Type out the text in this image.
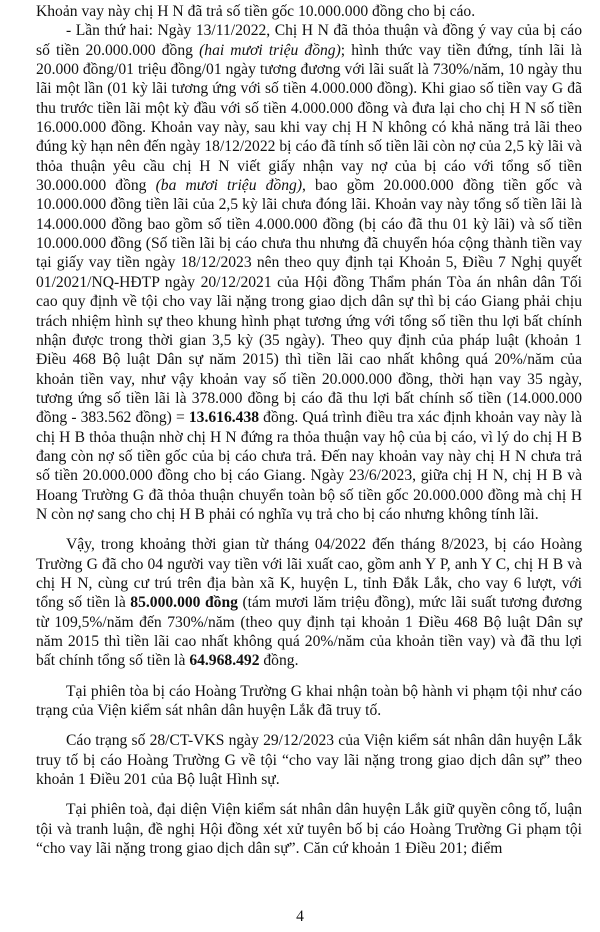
Khoản vay này chị H N đã trả số tiền gốc 10.000.000 đồng cho bị cáo.

- Lần thứ hai: Ngày 13/11/2022, Chị H N đã thỏa thuận và đồng ý vay của bị cáo số tiền 20.000.000 đồng (hai mươi triệu đồng); hình thức vay tiền đứng, tính lãi là 20.000 đồng/01 triệu đồng/01 ngày tương đương với lãi suất là 730%/năm, 10 ngày thu lãi một lần (01 kỳ lãi tương ứng với số tiền 4.000.000 đồng). Khi giao số tiền vay G đã thu trước tiền lãi một kỳ đầu với số tiền 4.000.000 đồng và đưa lại cho chị H N số tiền 16.000.000 đồng. Khoản vay này, sau khi vay chị H N không có khả năng trả lãi theo đúng kỳ hạn nên đến ngày 18/12/2022 bị cáo đã tính số tiền lãi còn nợ của 2,5 kỳ lãi và thỏa thuận yêu cầu chị H N viết giấy nhận vay nợ của bị cáo với tổng số tiền 30.000.000 đồng (ba mươi triệu đồng), bao gồm 20.000.000 đồng tiền gốc và 10.000.000 đồng tiền lãi của 2,5 kỳ lãi chưa đóng lãi. Khoản vay này tổng số tiền lãi là 14.000.000 đồng bao gồm số tiền 4.000.000 đồng (bị cáo đã thu 01 kỳ lãi) và số tiền 10.000.000 đồng (Số tiền lãi bị cáo chưa thu nhưng đã chuyển hóa cộng thành tiền vay tại giấy vay tiền ngày 18/12/2023 nên theo quy định tại Khoản 5, Điều 7 Nghị quyết 01/2021/NQ-HĐTP ngày 20/12/2021 của Hội đồng Thẩm phán Tòa án nhân dân Tối cao quy định về tội cho vay lãi nặng trong giao dịch dân sự thì bị cáo Giang phải chịu trách nhiệm hình sự theo khung hình phạt tương ứng với tổng số tiền thu lợi bất chính nhận được trong thời gian 3,5 kỳ (35 ngày). Theo quy định của pháp luật (khoản 1 Điều 468 Bộ luật Dân sự năm 2015) thì tiền lãi cao nhất không quá 20%/năm của khoản tiền vay, như vậy khoản vay số tiền 20.000.000 đồng, thời hạn vay 35 ngày, tương ứng số tiền lãi là 378.000 đồng bị cáo đã thu lợi bất chính số tiền (14.000.000 đồng - 383.562 đồng) = 13.616.438 đồng. Quá trình điều tra xác định khoản vay này là chị H B thỏa thuận nhờ chị H N đứng ra thỏa thuận vay hộ của bị cáo, vì lý do chị H B đang còn nợ số tiền gốc của bị cáo chưa trả. Đến nay khoản vay này chị H N chưa trả số tiền 20.000.000 đồng cho bị cáo Giang. Ngày 23/6/2023, giữa chị H N, chị H B và Hoang Trường G đã thỏa thuận chuyển toàn bộ số tiền gốc 20.000.000 đồng mà chị H N còn nợ sang cho chị H B phải có nghĩa vụ trả cho bị cáo nhưng không tính lãi.

Vậy, trong khoảng thời gian từ tháng 04/2022 đến tháng 8/2023, bị cáo Hoàng Trường G đã cho 04 người vay tiền với lãi xuất cao, gồm anh Y P, anh Y C, chị H B và chị H N, cùng cư trú trên địa bàn xã K, huyện L, tỉnh Đắk Lắk, cho vay 6 lượt, với tổng số tiền là 85.000.000 đồng (tám mươi lăm triệu đồng), mức lãi suất tương đương từ 109,5%/năm đến 730%/năm (theo quy định tại khoản 1 Điều 468 Bộ luật Dân sự năm 2015 thì tiền lãi cao nhất không quá 20%/năm của khoản tiền vay) và đã thu lợi bất chính tổng số tiền là 64.968.492 đồng.

Tại phiên tòa bị cáo Hoàng Trường G khai nhận toàn bộ hành vi phạm tội như cáo trạng của Viện kiểm sát nhân dân huyện Lắk đã truy tố.

Cáo trạng số 28/CT-VKS ngày 29/12/2023 của Viện kiểm sát nhân dân huyện Lắk truy tố bị cáo Hoàng Trường G về tội “cho vay lãi nặng trong giao dịch dân sự” theo khoản 1 Điều 201 của Bộ luật Hình sự.

Tại phiên toà, đại diện Viện kiểm sát nhân dân huyện Lắk giữ quyền công tố, luận tội và tranh luận, đề nghị Hội đồng xét xử tuyên bố bị cáo Hoàng Trường Gi phạm tội “cho vay lãi nặng trong giao dịch dân sự”. Căn cứ khoản 1 Điều 201; điểm

4
